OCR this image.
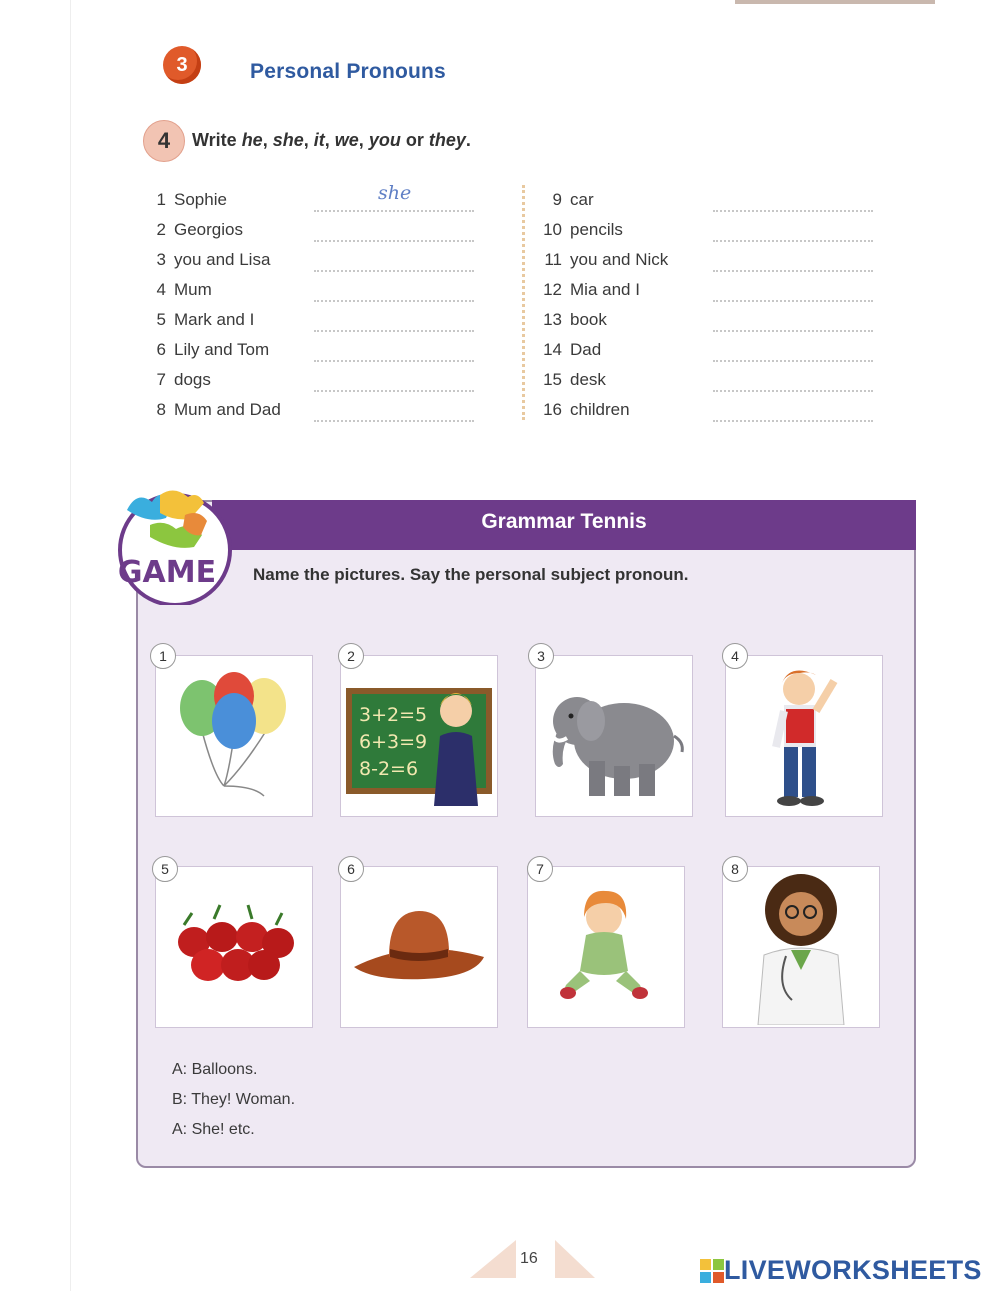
3	Personal Pronouns
4	Write he, she, it, we, you or they.
1 Sophie	she
2 Georgios
3 you and Lisa
4 Mum
5 Mark and I
6 Lily and Tom
7 dogs
8 Mum and Dad
9 car
10 pencils
11 you and Nick
12 Mia and I
13 book
14 Dad
15 desk
16 children
Grammar Tennis
GAME Name the pictures. Say the personal subject pronoun.
1
3+2=5
6+3=9
8-2=6
2	3	4
5	6	7	8
A: Balloons.
B: They! Woman.
A: She! etc.
16	LIVEWORKSHEETS
